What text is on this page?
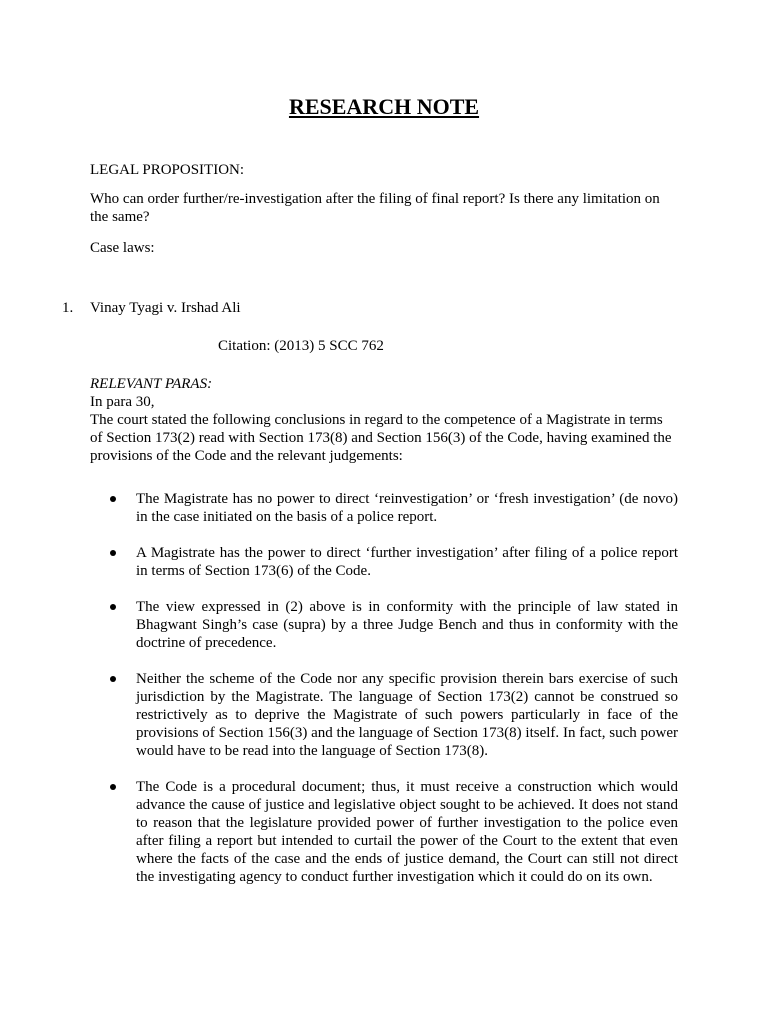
RESEARCH NOTE
LEGAL PROPOSITION:
Who can order further/re-investigation after the filing of final report? Is there any limitation on the same?
Case laws:
1. Vinay Tyagi v. Irshad Ali
Citation: (2013) 5 SCC 762
RELEVANT PARAS:
In para 30,
The court stated the following conclusions in regard to the competence of a Magistrate in terms of Section 173(2) read with Section 173(8) and Section 156(3) of the Code, having examined the provisions of the Code and the relevant judgements:
The Magistrate has no power to direct ‘reinvestigation’ or ‘fresh investigation’ (de novo) in the case initiated on the basis of a police report.
A Magistrate has the power to direct ‘further investigation’ after filing of a police report in terms of Section 173(6) of the Code.
The view expressed in (2) above is in conformity with the principle of law stated in Bhagwant Singh’s case (supra) by a three Judge Bench and thus in conformity with the doctrine of precedence.
Neither the scheme of the Code nor any specific provision therein bars exercise of such jurisdiction by the Magistrate. The language of Section 173(2) cannot be construed so restrictively as to deprive the Magistrate of such powers particularly in face of the provisions of Section 156(3) and the language of Section 173(8) itself. In fact, such power would have to be read into the language of Section 173(8).
The Code is a procedural document; thus, it must receive a construction which would advance the cause of justice and legislative object sought to be achieved. It does not stand to reason that the legislature provided power of further investigation to the police even after filing a report but intended to curtail the power of the Court to the extent that even where the facts of the case and the ends of justice demand, the Court can still not direct the investigating agency to conduct further investigation which it could do on its own.
